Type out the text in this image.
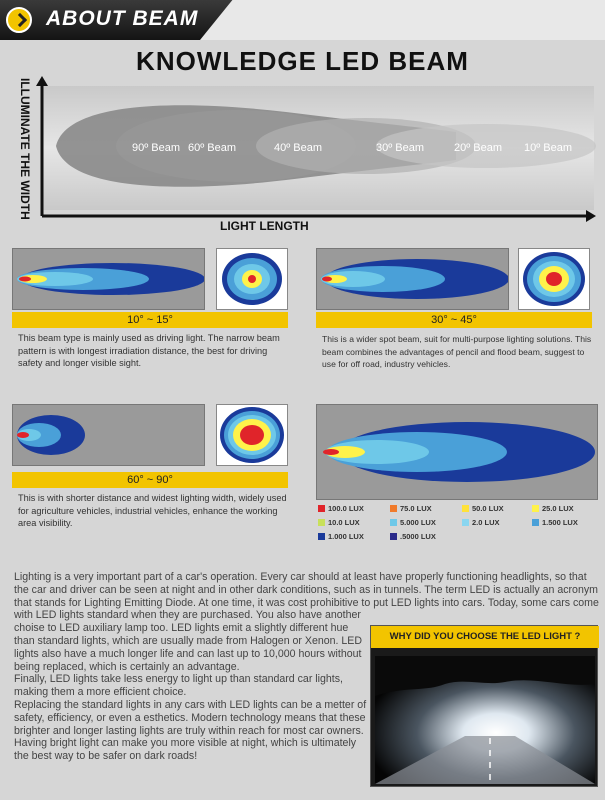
ABOUT BEAM
KNOWLEDGE LED BEAM
ILLUMINATE THE WIDTH	90º Beam 60º Beam	40º Beam	30º Beam	20º Beam 10º Beam
LIGHT LENGTH
10° ~ 15°
This beam type is mainly used as driving light. The narrow beam pattern is with longest irradiation distance, the best for driving safety and longer visible sight.
30° ~ 45°
This is a wider spot beam, suit for multi-purpose lighting solutions. This beam combines the advantages of pencil and flood beam, suggest to use for off road, industry vehicles.
60° ~ 90°
This is with shorter distance and widest lighting width, widely used for agriculture vehicles, industrial vehicles, enhance the working area visibility.
100.0 LUX	75.0 LUX	50.0 LUX	25.0 LUX
10.0 LUX	5.000 LUX	2.0 LUX	1.500 LUX
1.000 LUX	.5000 LUX

Lighting is a very important part of a car's operation. Every car should at least have properly functioning headlights, so that the car and driver can be seen at night and in other dark conditions, such as in tunnels. The term LED is actually an acronym that stands for Lighting Emitting Diode. At one time, it was cost prohibitive to put LED lights into cars. Today, some cars come

with LED lights standard when they are purchased. You also have another choise to LED auxiliary lamp too. LED lights emit a slightly different hue than standard lights, which are usually made from Halogen or Xenon. LED lights also have a much longer life and can last up to 10,000 hours without being replaced, which is certainly an advantage.

Finally, LED lights take less energy to light up than standard car lights, making them a more efficient choice.

Replacing the standard lights in any cars with LED lights can be a metter of safety, efficiency, or even a esthetics. Modern technology means that these brighter and longer lasting lights are truly within reach for most car owners. Having bright light can make you more visible at night, which is ultimately the best way to be safer on dark roads!

WHY DID YOU CHOOSE THE LED LIGHT ?
